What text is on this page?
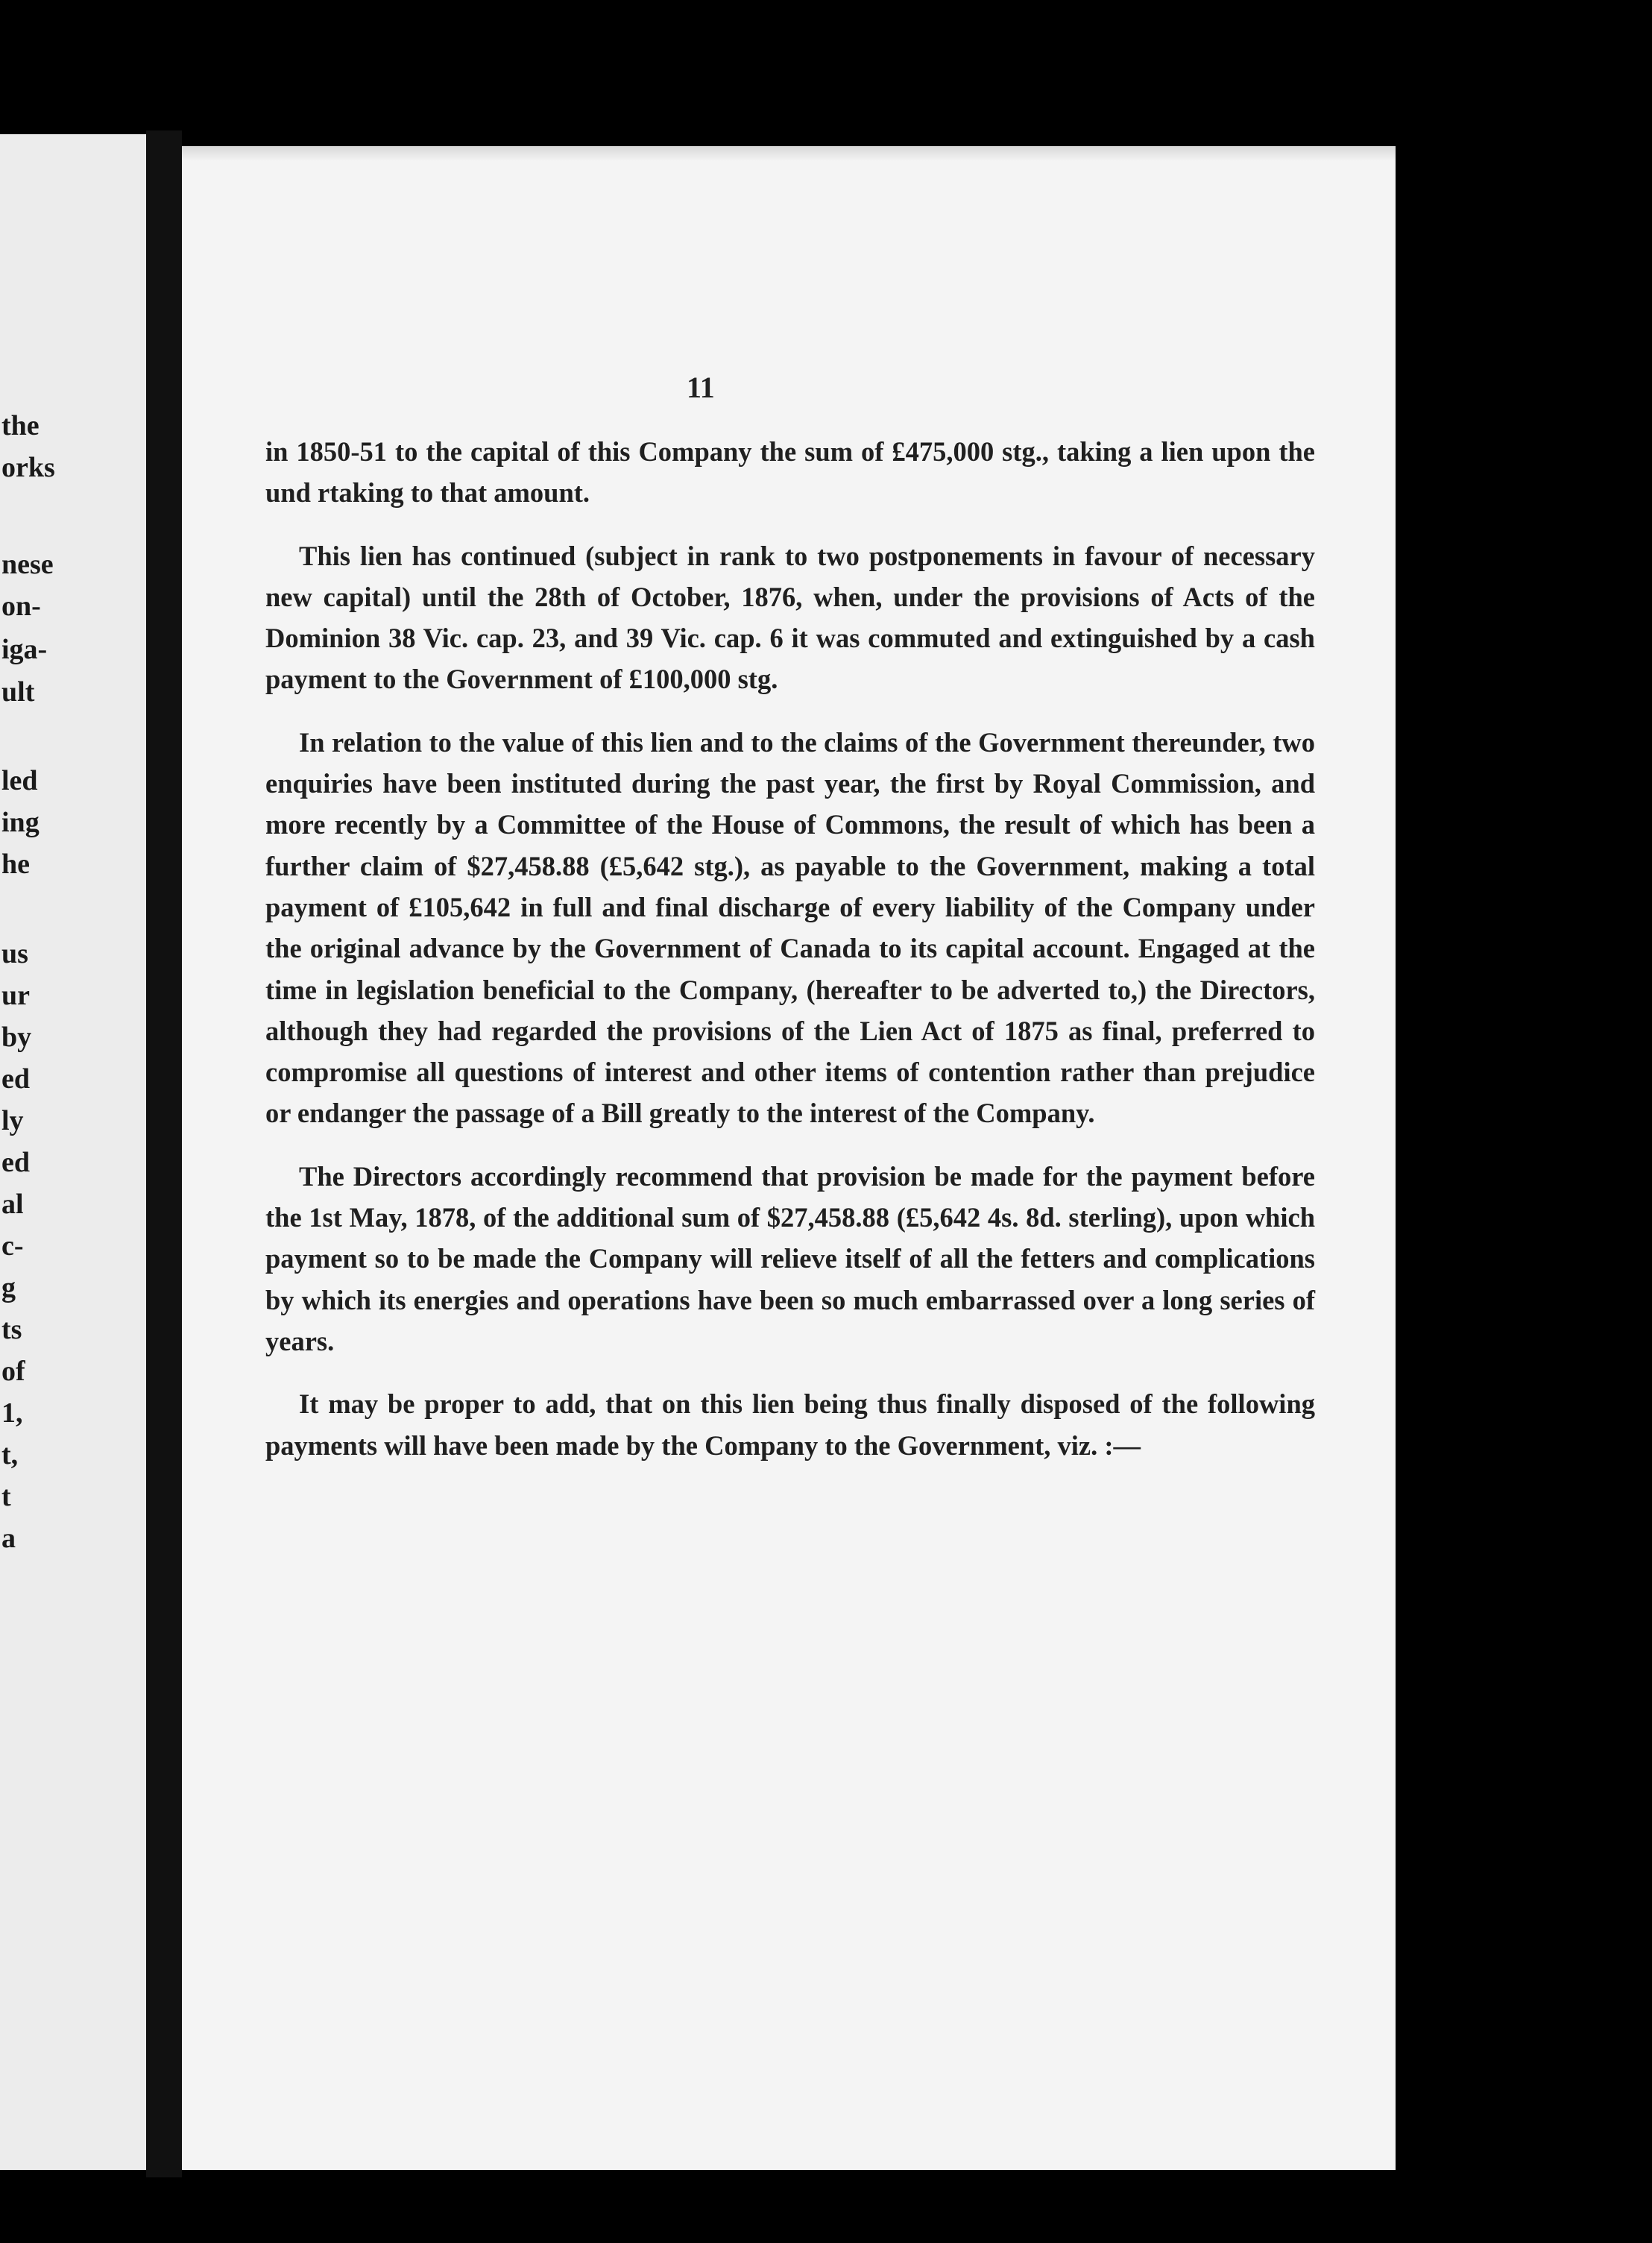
the
orks
nese
on-
iga-
ult
led
ing
he
us
ur
by
ed
ly
ed
al
c-
g
ts
of
1,
t,
t
a
11

in 1850-51 to the capital of this Company the sum of £475,000 stg., taking a lien upon the und rtaking to that amount.

This lien has continued (subject in rank to two postponements in favour of necessary new capital) until the 28th of October, 1876, when, under the provisions of Acts of the Dominion 38 Vic. cap. 23, and 39 Vic. cap. 6 it was commuted and extinguished by a cash payment to the Government of £100,000 stg.

In relation to the value of this lien and to the claims of the Government thereunder, two enquiries have been instituted during the past year, the first by Royal Commission, and more recently by a Committee of the House of Commons, the result of which has been a further claim of $27,458.88 (£5,642 stg.), as payable to the Government, making a total payment of £105,642 in full and final discharge of every liability of the Company under the original advance by the Government of Canada to its capital account. Engaged at the time in legislation beneficial to the Company, (hereafter to be adverted to,) the Directors, although they had regarded the provisions of the Lien Act of 1875 as final, preferred to compromise all questions of interest and other items of contention rather than prejudice or endanger the passage of a Bill greatly to the interest of the Company.

The Directors accordingly recommend that provision be made for the payment before the 1st May, 1878, of the additional sum of $27,458.88 (£5,642 4s. 8d. sterling), upon which payment so to be made the Company will relieve itself of all the fetters and complications by which its energies and operations have been so much embarrassed over a long series of years.

It may be proper to add, that on this lien being thus finally disposed of the following payments will have been made by the Company to the Government, viz. :—
